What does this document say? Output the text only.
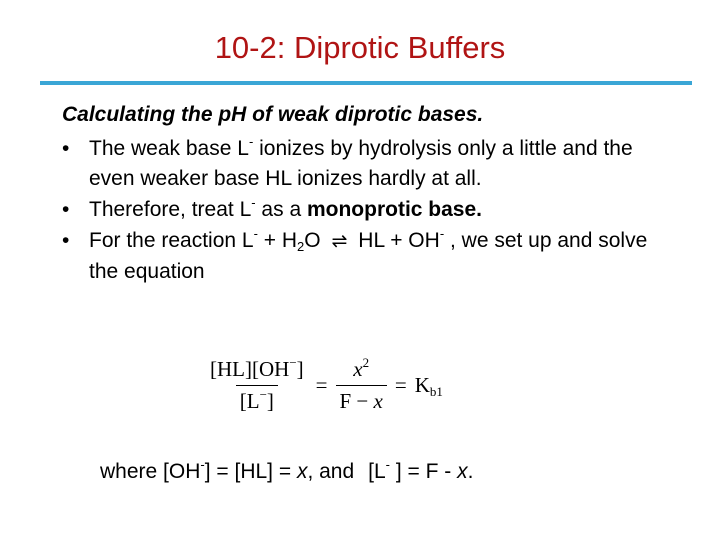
10-2: Diprotic Buffers
Calculating the pH of weak diprotic bases.
• The weak base L- ionizes by hydrolysis only a little and the even weaker base HL ionizes hardly at all.
• Therefore, treat L- as a monoprotic base.
• For the reaction $L^- + H_2O$ ⇌ HL + OH- , we set up and solve the equation
$\frac{[HL][OH^-]}{[L^-]} = \frac{x^2}{F - x} = K_{b1}$
where [OH-] = [HL] = x, and [L- ] = F - x.
